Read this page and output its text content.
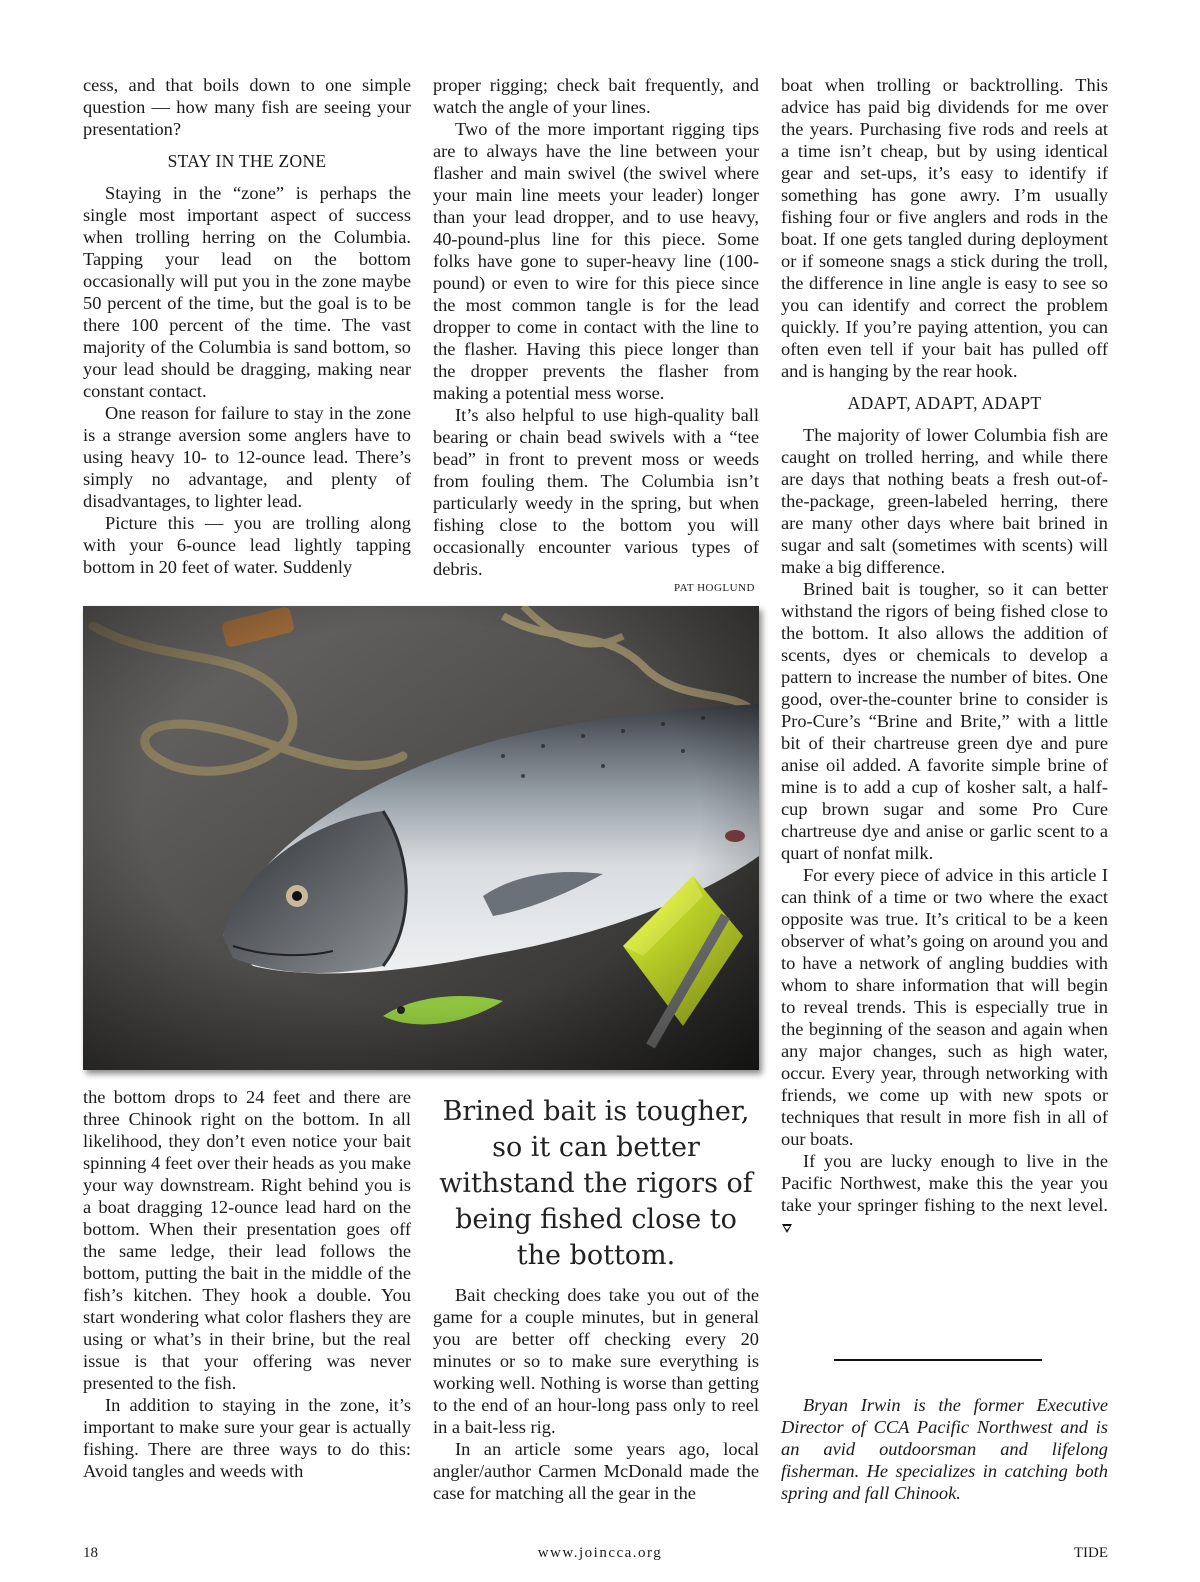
cess, and that boils down to one simple question — how many fish are seeing your presentation?

STAY IN THE ZONE

Staying in the “zone” is perhaps the single most important aspect of success when trolling herring on the Columbia. Tapping your lead on the bottom occasionally will put you in the zone maybe 50 percent of the time, but the goal is to be there 100 percent of the time. The vast majority of the Columbia is sand bottom, so your lead should be dragging, making near constant contact.

One reason for failure to stay in the zone is a strange aversion some anglers have to using heavy 10- to 12-ounce lead. There’s simply no advantage, and plenty of disadvantages, to lighter lead.

Picture this — you are trolling along with your 6-ounce lead lightly tapping bottom in 20 feet of water. Suddenly

proper rigging; check bait frequently, and watch the angle of your lines.

Two of the more important rigging tips are to always have the line between your flasher and main swivel (the swivel where your main line meets your leader) longer than your lead dropper, and to use heavy, 40-pound-plus line for this piece. Some folks have gone to super-heavy line (100-pound) or even to wire for this piece since the most common tangle is for the lead dropper to come in contact with the line to the flasher. Having this piece longer than the dropper prevents the flasher from making a potential mess worse.

It’s also helpful to use high-quality ball bearing or chain bead swivels with a “tee bead” in front to prevent moss or weeds from fouling them. The Columbia isn’t particularly weedy in the spring, but when fishing close to the bottom you will occasionally encounter various types of debris.

PAT HOGLUND

boat when trolling or backtrolling. This advice has paid big dividends for me over the years. Purchasing five rods and reels at a time isn’t cheap, but by using identical gear and set-ups, it’s easy to identify if something has gone awry. I’m usually fishing four or five anglers and rods in the boat. If one gets tangled during deployment or if someone snags a stick during the troll, the difference in line angle is easy to see so you can identify and correct the problem quickly. If you’re paying attention, you can often even tell if your bait has pulled off and is hanging by the rear hook.

ADAPT, ADAPT, ADAPT

The majority of lower Columbia fish are caught on trolled herring, and while there are days that nothing beats a fresh out-of-the-package, green-labeled herring, there are many other days where bait brined in sugar and salt (sometimes with scents) will make a big difference.

Brined bait is tougher, so it can better withstand the rigors of being fished close to the bottom. It also allows the addition of scents, dyes or chemicals to develop a pattern to increase the number of bites. One good, over-the-counter brine to consider is Pro-Cure’s “Brine and Brite,” with a little bit of their chartreuse green dye and pure anise oil added. A favorite simple brine of mine is to add a cup of kosher salt, a half-cup brown sugar and some Pro Cure chartreuse dye and anise or garlic scent to a quart of nonfat milk.

For every piece of advice in this article I can think of a time or two where the exact opposite was true. It’s critical to be a keen observer of what’s going on around you and to have a network of angling buddies with whom to share information that will begin to reveal trends. This is especially true in the beginning of the season and again when any major changes, such as high water, occur. Every year, through networking with friends, we come up with new spots or techniques that result in more fish in all of our boats.

If you are lucky enough to live in the Pacific Northwest, make this the year you take your springer fishing to the next level.

the bottom drops to 24 feet and there are three Chinook right on the bottom. In all likelihood, they don’t even notice your bait spinning 4 feet over their heads as you make your way downstream. Right behind you is a boat dragging 12-ounce lead hard on the bottom. When their presentation goes off the same ledge, their lead follows the bottom, putting the bait in the middle of the fish’s kitchen. They hook a double. You start wondering what color flashers they are using or what’s in their brine, but the real issue is that your offering was never presented to the fish.

In addition to staying in the zone, it’s important to make sure your gear is actually fishing. There are three ways to do this: Avoid tangles and weeds with

Brined bait is tougher, so it can better withstand the rigors of being fished close to the bottom.

Bait checking does take you out of the game for a couple minutes, but in general you are better off checking every 20 minutes or so to make sure everything is working well. Nothing is worse than getting to the end of an hour-long pass only to reel in a bait-less rig.

In an article some years ago, local angler/author Carmen McDonald made the case for matching all the gear in the

Bryan Irwin is the former Executive Director of CCA Pacific Northwest and is an avid outdoorsman and lifelong fisherman. He specializes in catching both spring and fall Chinook.
18	www.joincca.org	TIDE
